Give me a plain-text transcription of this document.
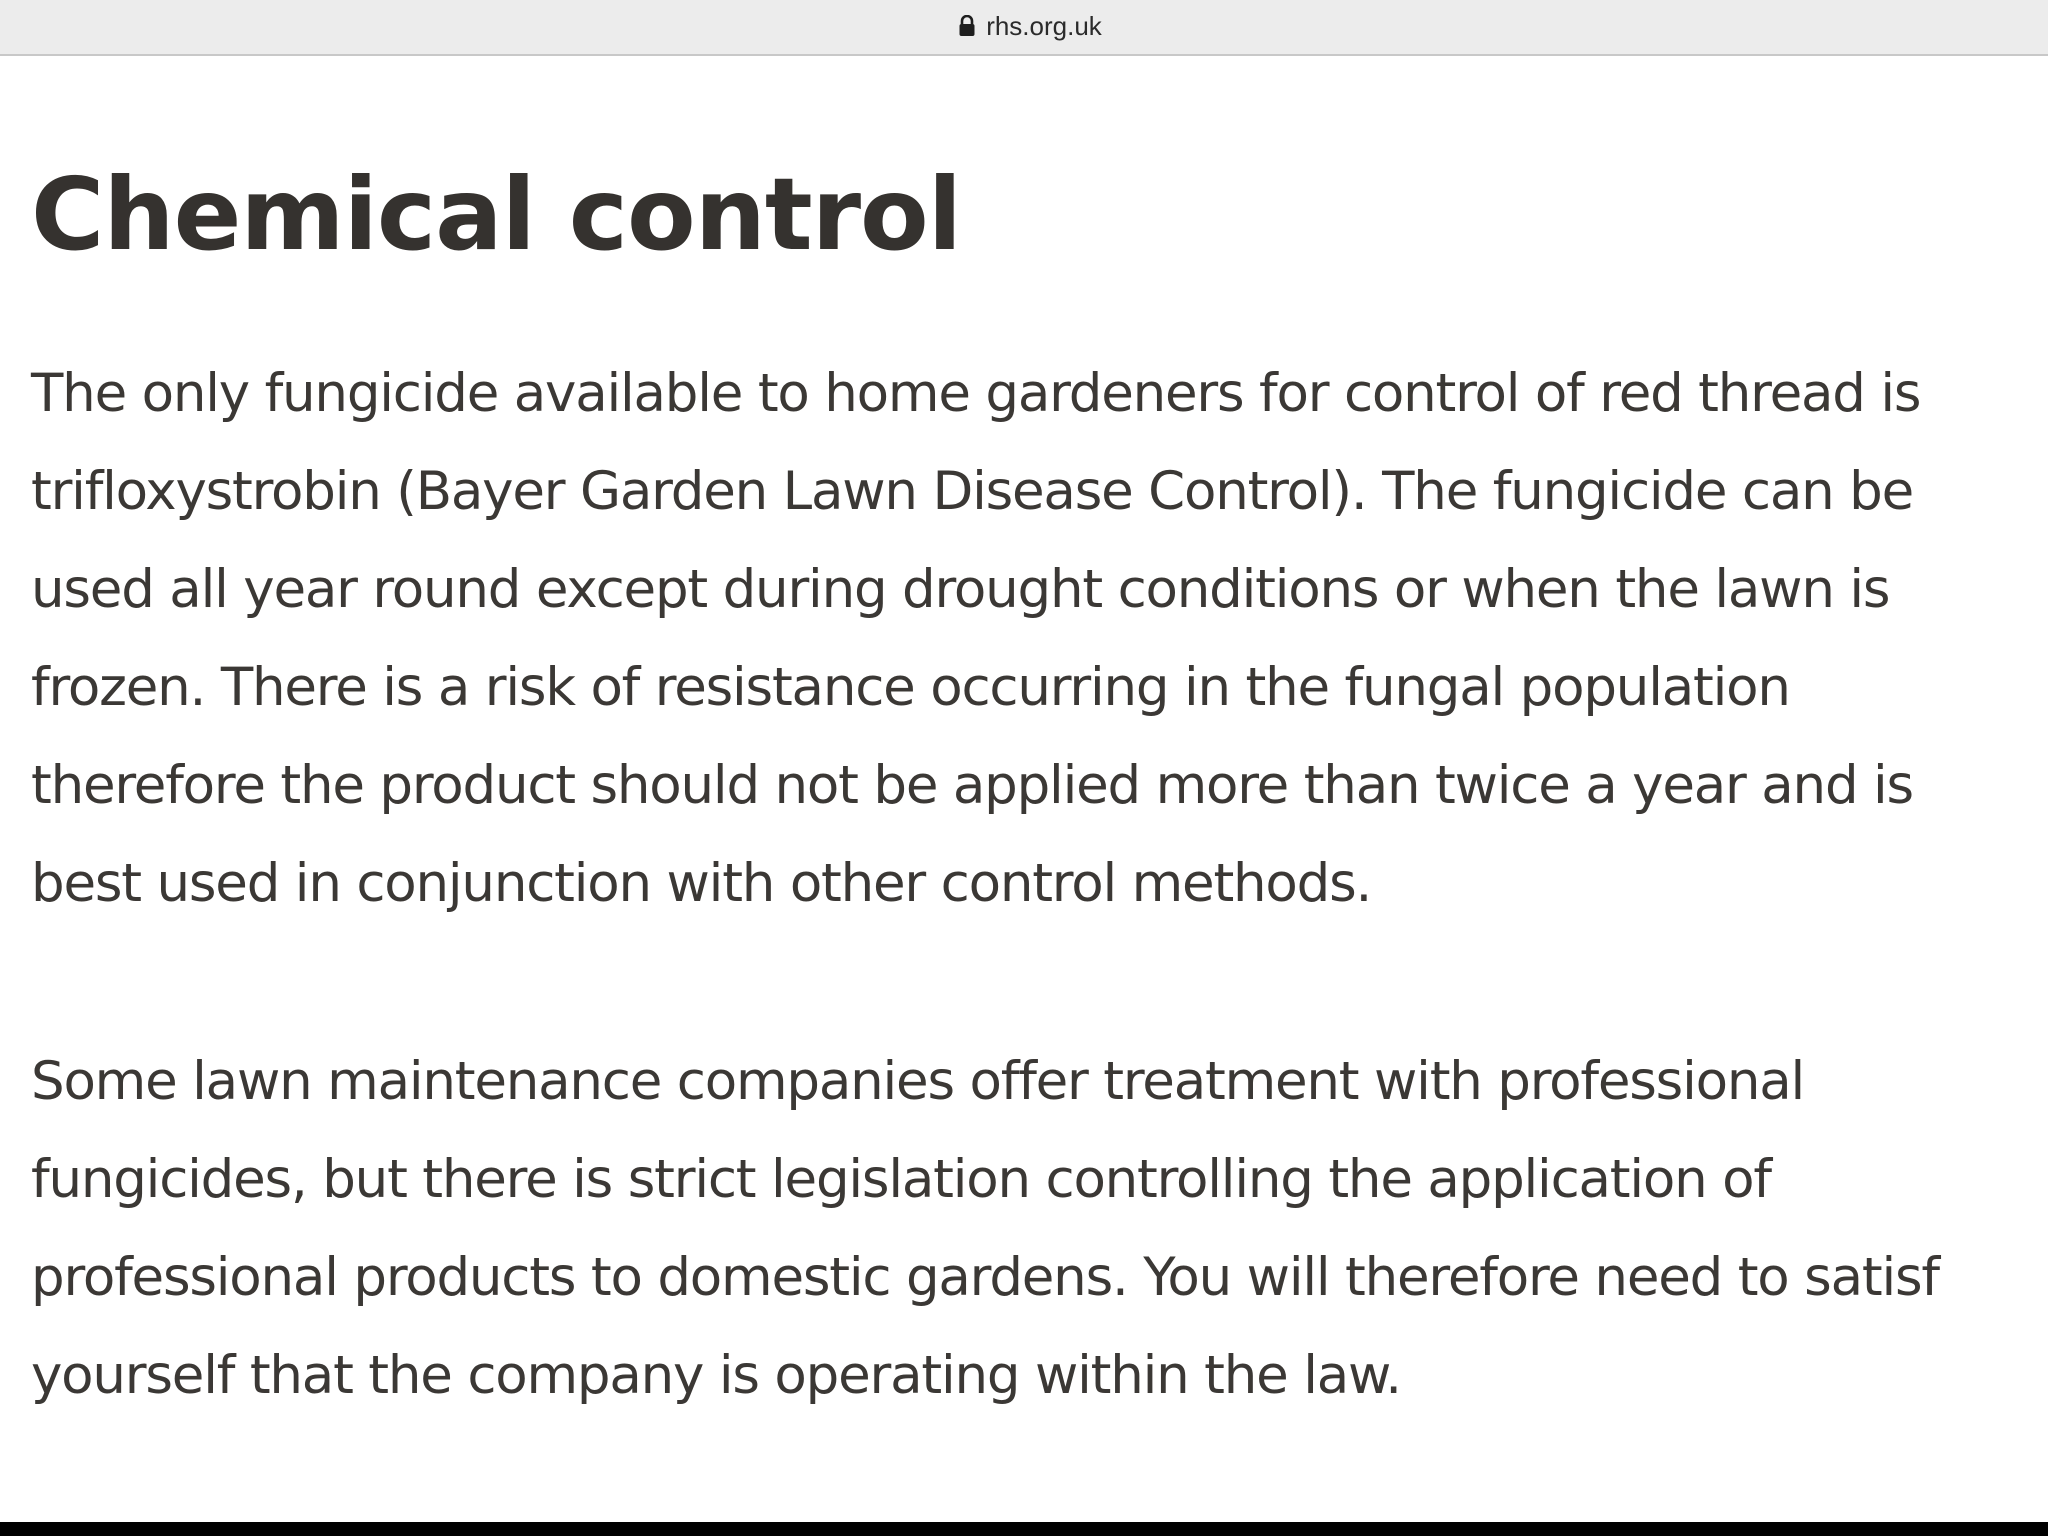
rhs.org.uk
Chemical control

The only fungicide available to home gardeners for control of red thread is
trifloxystrobin (Bayer Garden Lawn Disease Control). The fungicide can be
used all year round except during drought conditions or when the lawn is
frozen. There is a risk of resistance occurring in the fungal population
therefore the product should not be applied more than twice a year and is
best used in conjunction with other control methods.

Some lawn maintenance companies offer treatment with professional
fungicides, but there is strict legislation controlling the application of
professional products to domestic gardens. You will therefore need to satisf
yourself that the company is operating within the law.
